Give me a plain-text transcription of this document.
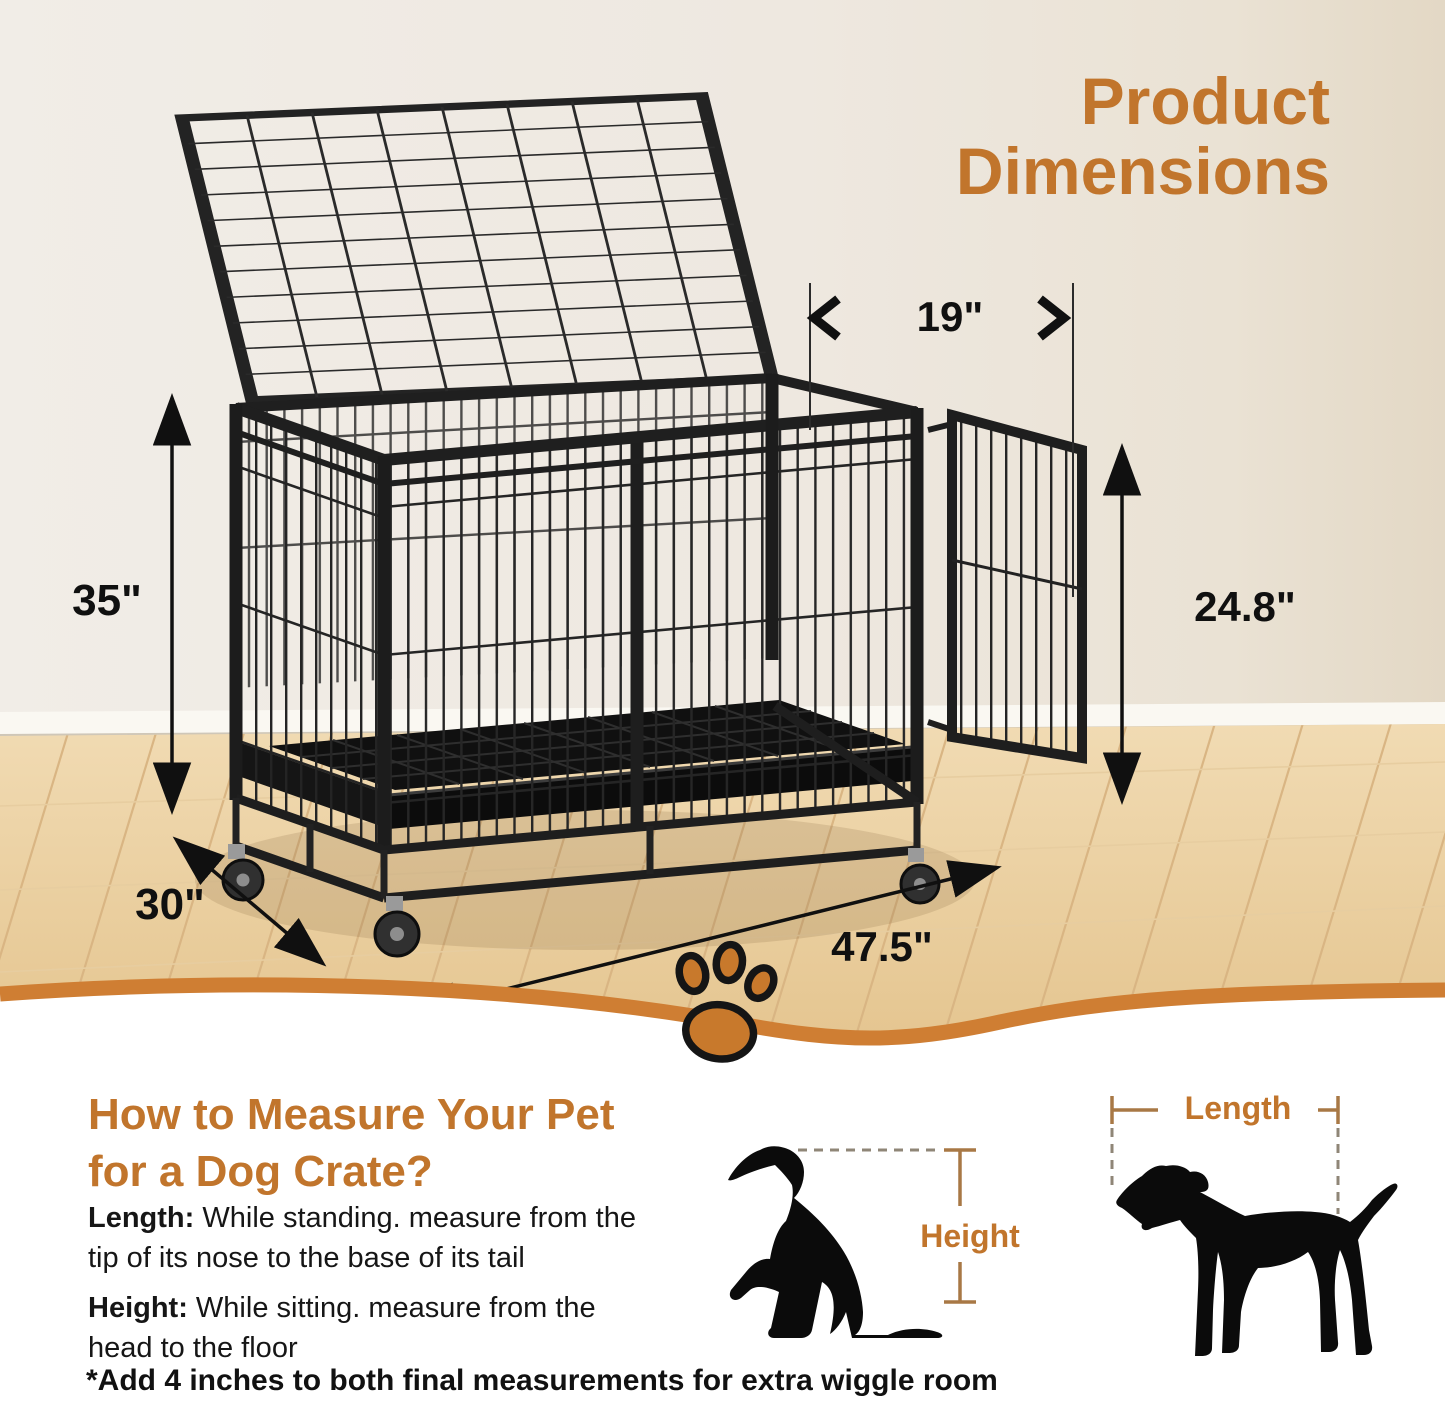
Product
Dimensions
19"
35"	24.8"
30"
47.5"
How to Measure Your Pet
for a Dog Crate?
Length: While standing. measure from the tip of its nose to the base of its tail
Height: While sitting. measure from the head to the floor
*Add 4 inches to both final measurements for extra wiggle room
Height
Length
